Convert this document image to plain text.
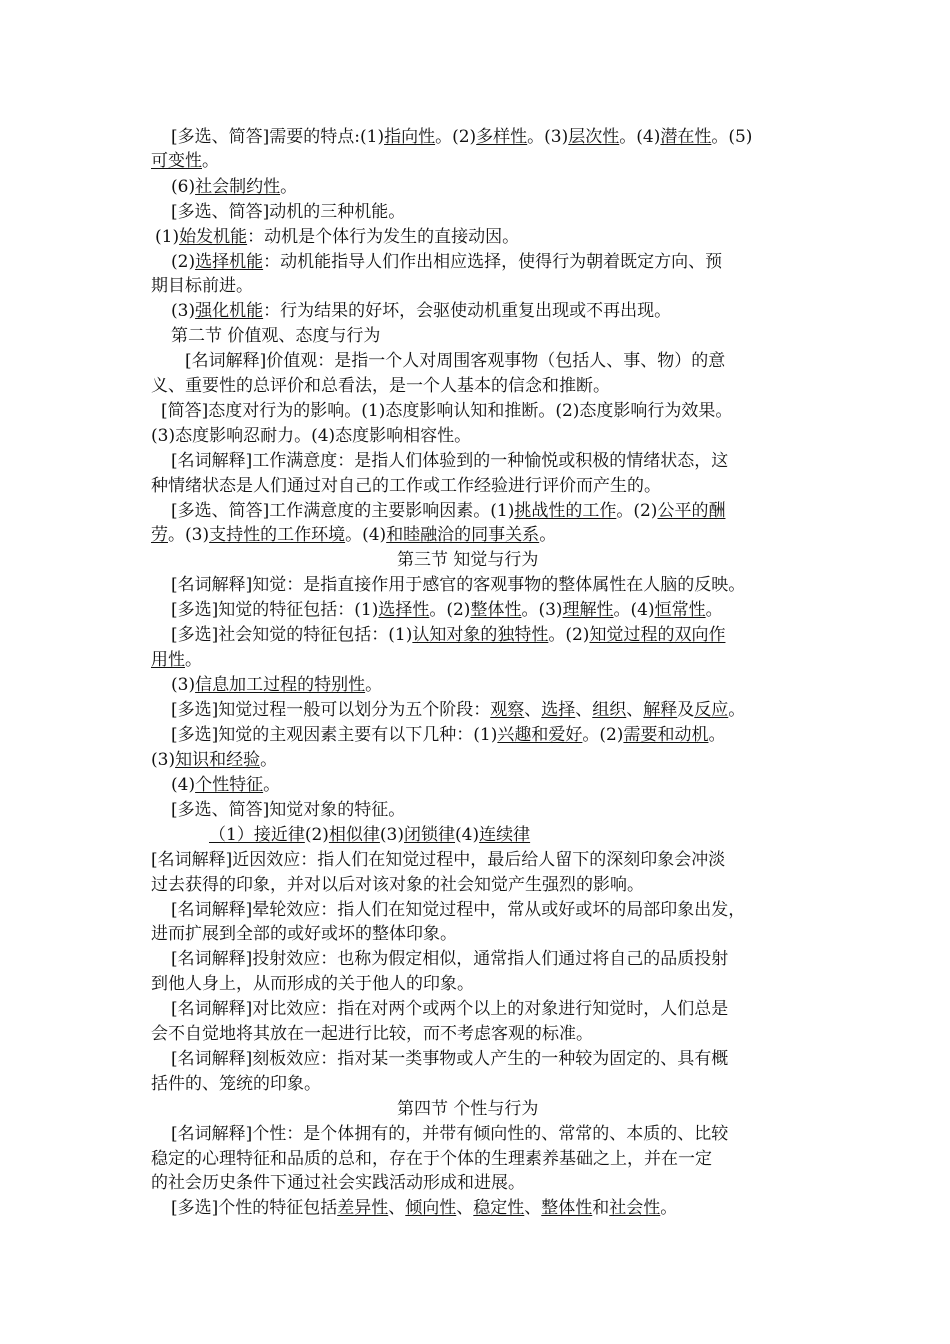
[多选、简答]需要的特点:(1)指向性。(2)多样性。(3)层次性。(4)潜在性。(5)
可变性。
(6)社会制约性。
[多选、简答]动机的三种机能。
(1)始发机能：动机是个体行为发生的直接动因。
(2)选择机能：动机能指导人们作出相应选择，使得行为朝着既定方向、预
期目标前进。
(3)强化机能：行为结果的好坏，会驱使动机重复出现或不再出现。
第二节 价值观、态度与行为
[名词解释]价值观：是指一个人对周围客观事物（包括人、事、物）的意
义、重要性的总评价和总看法，是一个人基本的信念和推断。
[简答]态度对行为的影响。(1)态度影响认知和推断。(2)态度影响行为效果。
(3)态度影响忍耐力。(4)态度影响相容性。
[名词解释]工作满意度：是指人们体验到的一种愉悦或积极的情绪状态，这
种情绪状态是人们通过对自己的工作或工作经验进行评价而产生的。
[多选、简答]工作满意度的主要影响因素。(1)挑战性的工作。(2)公平的酬
劳。(3)支持性的工作环境。(4)和睦融洽的同事关系。
第三节 知觉与行为
[名词解释]知觉：是指直接作用于感官的客观事物的整体属性在人脑的反映。
[多选]知觉的特征包括：(1)选择性。(2)整体性。(3)理解性。(4)恒常性。
[多选]社会知觉的特征包括：(1)认知对象的独特性。(2)知觉过程的双向作
用性。
(3)信息加工过程的特别性。
[多选]知觉过程一般可以划分为五个阶段：观察、选择、组织、解释及反应。
[多选]知觉的主观因素主要有以下几种：(1)兴趣和爱好。(2)需要和动机。
(3)知识和经验。
(4)个性特征。
[多选、简答]知觉对象的特征。
（1）接近律(2)相似律(3)闭锁律(4)连续律
[名词解释]近因效应：指人们在知觉过程中，最后给人留下的深刻印象会冲淡
过去获得的印象，并对以后对该对象的社会知觉产生强烈的影响。
[名词解释]晕轮效应：指人们在知觉过程中，常从或好或坏的局部印象出发，
进而扩展到全部的或好或坏的整体印象。
[名词解释]投射效应：也称为假定相似，通常指人们通过将自己的品质投射
到他人身上，从而形成的关于他人的印象。
[名词解释]对比效应：指在对两个或两个以上的对象进行知觉时，人们总是
会不自觉地将其放在一起进行比较，而不考虑客观的标准。
[名词解释]刻板效应：指对某一类事物或人产生的一种较为固定的、具有概
括件的、笼统的印象。
第四节 个性与行为
[名词解释]个性：是个体拥有的，并带有倾向性的、常常的、本质的、比较
稳定的心理特征和品质的总和，存在于个体的生理素养基础之上，并在一定
的社会历史条件下通过社会实践活动形成和进展。
[多选]个性的特征包括差异性、倾向性、稳定性、整体性和社会性。
